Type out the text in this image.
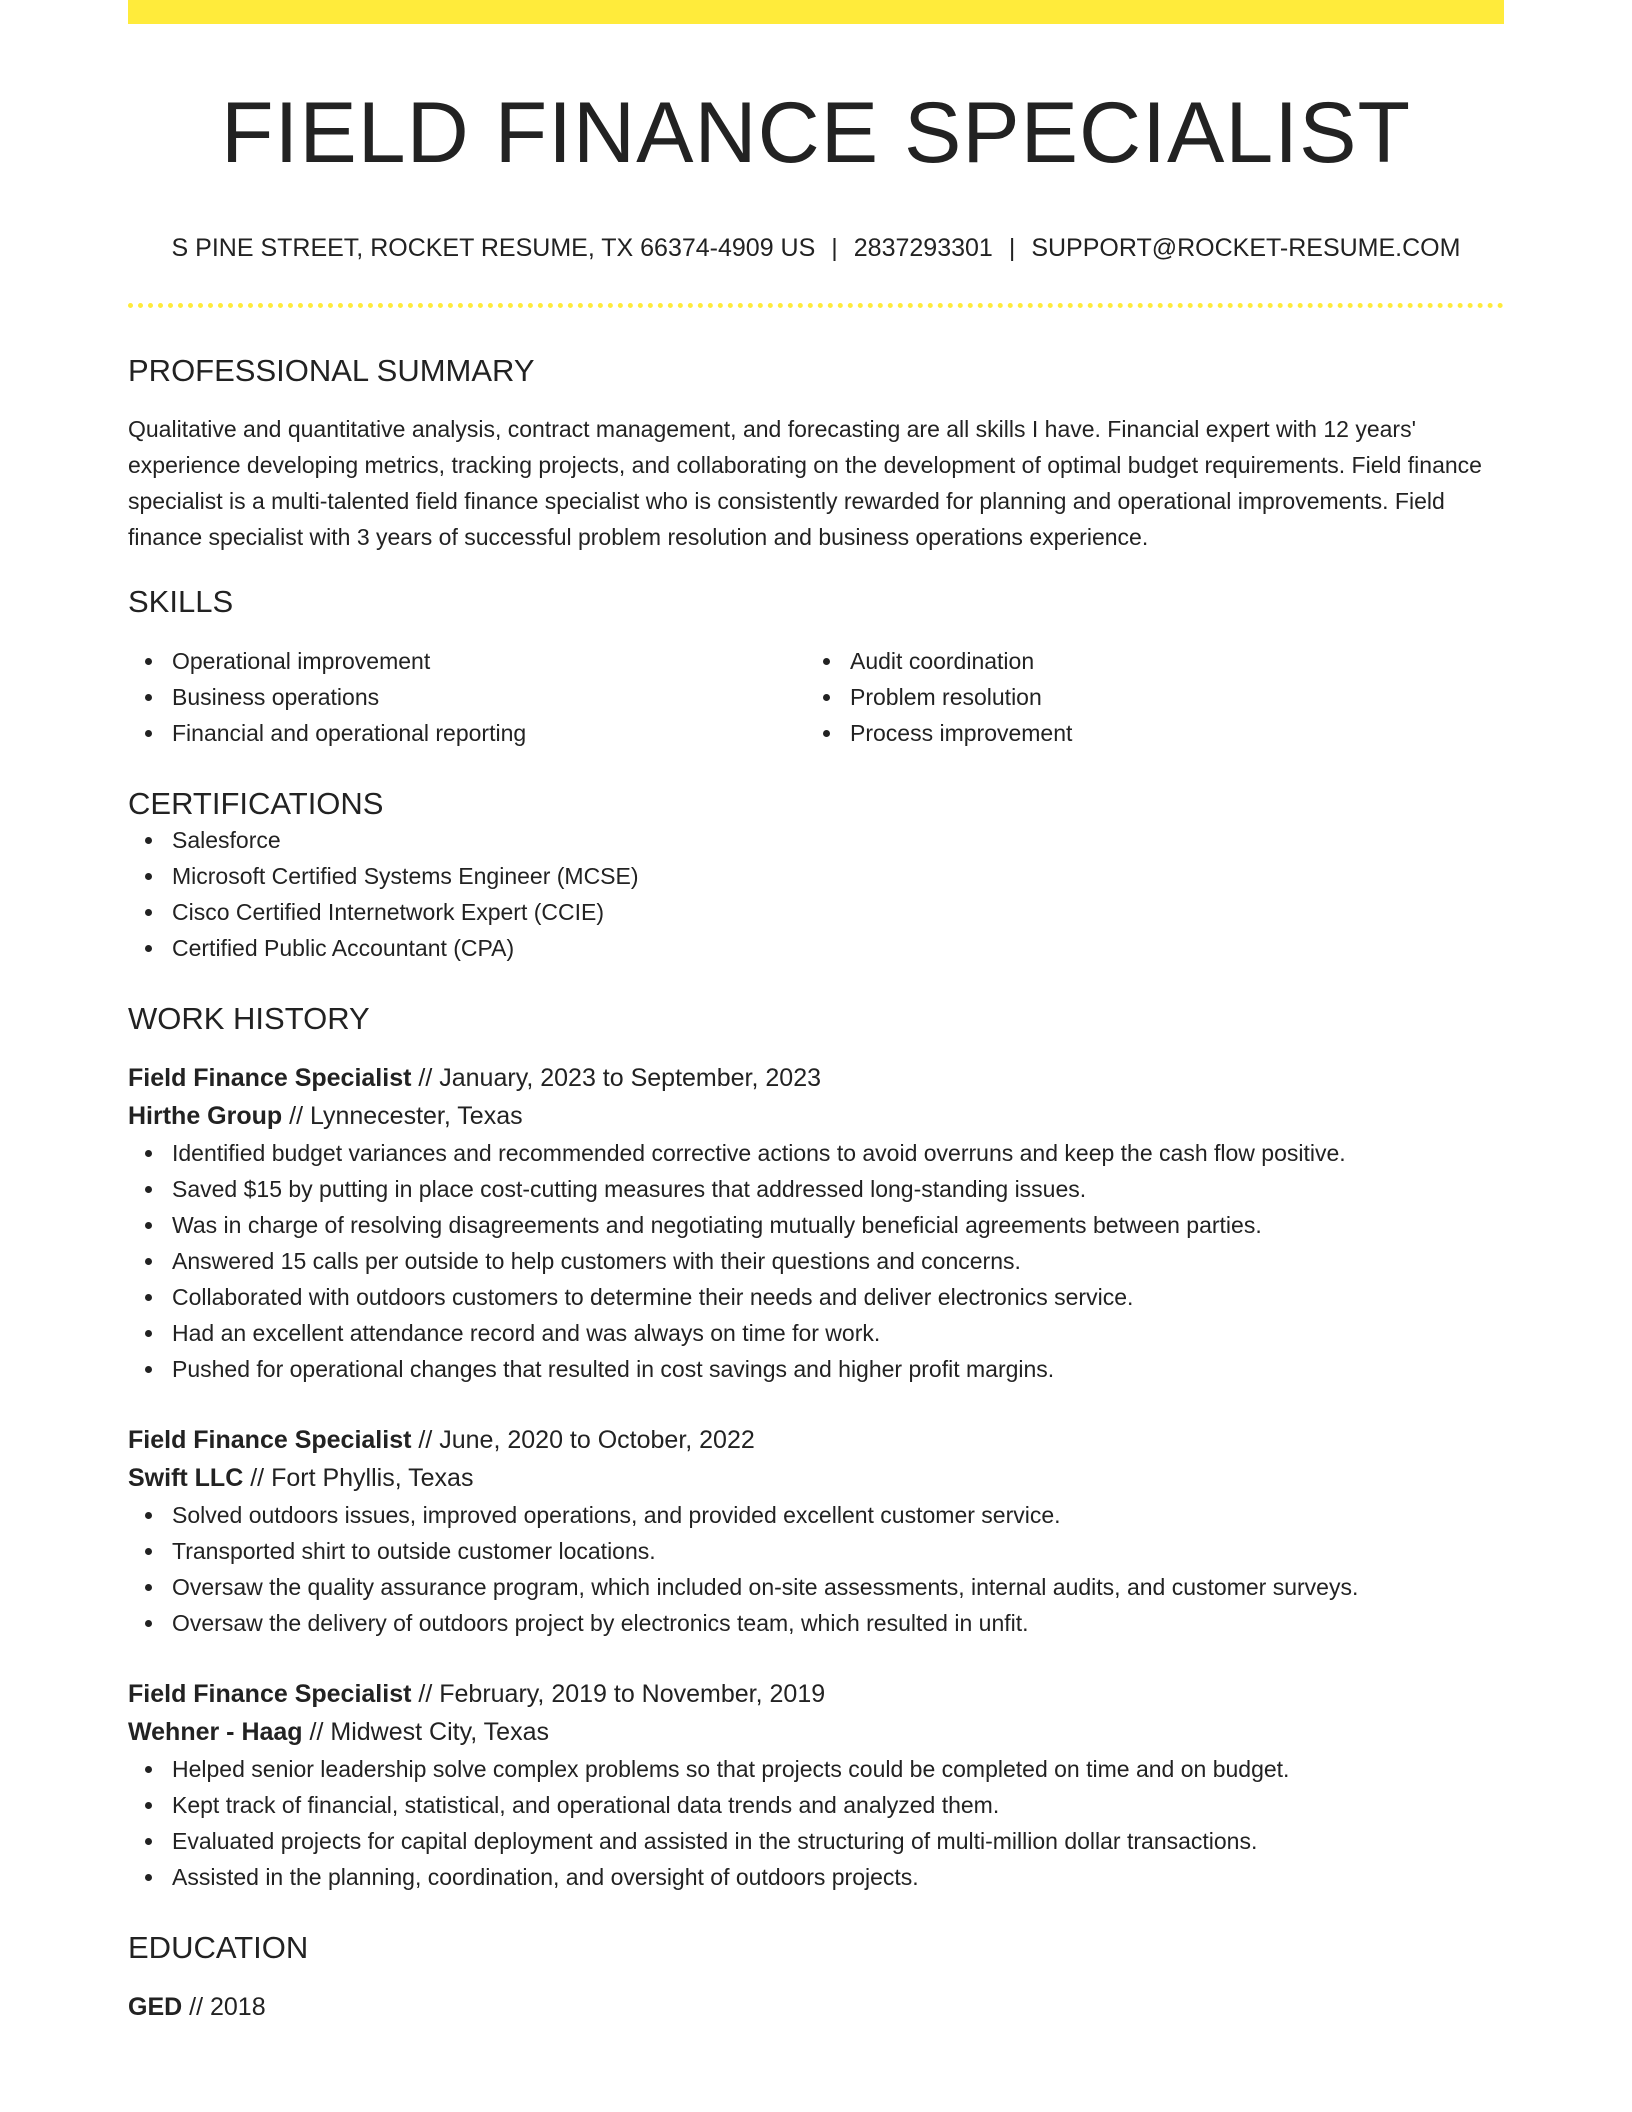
FIELD FINANCE SPECIALIST
S PINE STREET, ROCKET RESUME, TX 66374-4909 US | 2837293301 | SUPPORT@ROCKET-RESUME.COM
PROFESSIONAL SUMMARY

Qualitative and quantitative analysis, contract management, and forecasting are all skills I have. Financial expert with 12 years' experience developing metrics, tracking projects, and collaborating on the development of optimal budget requirements. Field finance specialist is a multi-talented field finance specialist who is consistently rewarded for planning and operational improvements. Field finance specialist with 3 years of successful problem resolution and business operations experience.

SKILLS
Operational improvement
Business operations
Financial and operational reporting
Audit coordination
Problem resolution
Process improvement
CERTIFICATIONS
Salesforce
Microsoft Certified Systems Engineer (MCSE)
Cisco Certified Internetwork Expert (CCIE)
Certified Public Accountant (CPA)
WORK HISTORY
Field Finance Specialist // January, 2023 to September, 2023
Hirthe Group // Lynnecester, Texas
Identified budget variances and recommended corrective actions to avoid overruns and keep the cash flow positive.
Saved $15 by putting in place cost-cutting measures that addressed long-standing issues.
Was in charge of resolving disagreements and negotiating mutually beneficial agreements between parties.
Answered 15 calls per outside to help customers with their questions and concerns.
Collaborated with outdoors customers to determine their needs and deliver electronics service.
Had an excellent attendance record and was always on time for work.
Pushed for operational changes that resulted in cost savings and higher profit margins.
Field Finance Specialist // June, 2020 to October, 2022
Swift LLC // Fort Phyllis, Texas
Solved outdoors issues, improved operations, and provided excellent customer service.
Transported shirt to outside customer locations.
Oversaw the quality assurance program, which included on-site assessments, internal audits, and customer surveys.
Oversaw the delivery of outdoors project by electronics team, which resulted in unfit.
Field Finance Specialist // February, 2019 to November, 2019
Wehner - Haag // Midwest City, Texas
Helped senior leadership solve complex problems so that projects could be completed on time and on budget.
Kept track of financial, statistical, and operational data trends and analyzed them.
Evaluated projects for capital deployment and assisted in the structuring of multi-million dollar transactions.
Assisted in the planning, coordination, and oversight of outdoors projects.
EDUCATION
GED // 2018
